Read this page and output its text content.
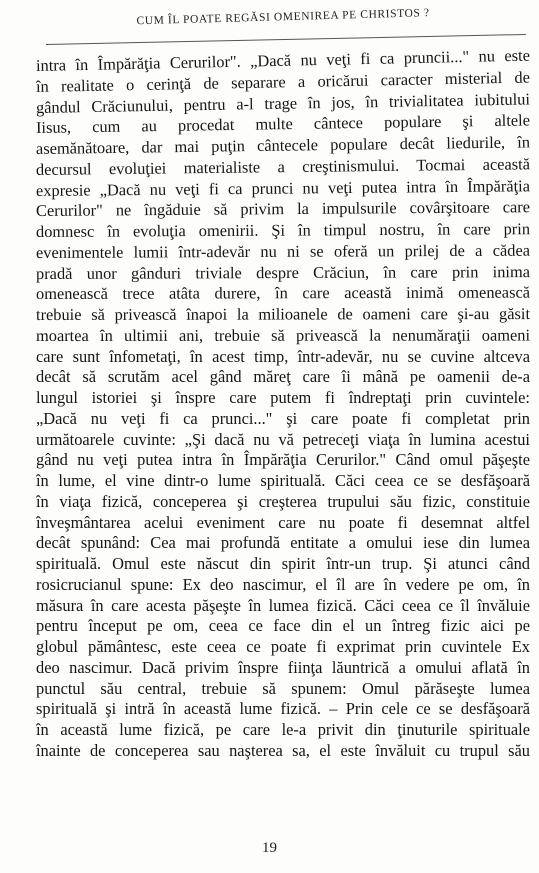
CUM ÎL POATE REGĂSI OMENIREA PE CHRISTOS ?
intra în Împărăţia Cerurilor". „Dacă nu veţi fi ca pruncii..." nu este
în realitate o cerinţă de separare a oricărui caracter misterial de
gândul Crăciunului, pentru a-l trage în jos, în trivialitatea iubitului
Iisus, cum au procedat multe cântece populare şi altele
asemănătoare, dar mai puţin cântecele populare decât liedurile, în
decursul evoluţiei materialiste a creştinismului. Tocmai această
expresie „Dacă nu veţi fi ca prunci nu veţi putea intra în Împărăţia
Cerurilor" ne îngăduie să privim la impulsurile covârşitoare care
domnesc în evoluţia omenirii. Şi în timpul nostru, în care prin
evenimentele lumii într-adevăr nu ni se oferă un prilej de a cădea
pradă unor gânduri triviale despre Crăciun, în care prin inima
omenească trece atâta durere, în care această inimă omenească
trebuie să privească înapoi la milioanele de oameni care şi-au găsit
moartea în ultimii ani, trebuie să privească la nenumăraţii oameni
care sunt înfometaţi, în acest timp, într-adevăr, nu se cuvine altceva
decât să scrutăm acel gând măreţ care îi mână pe oamenii de-a
lungul istoriei şi înspre care putem fi îndreptaţi prin cuvintele:
„Dacă nu veţi fi ca prunci..." şi care poate fi completat prin
următoarele cuvinte: „Şi dacă nu vă petreceţi viaţa în lumina acestui
gând nu veţi putea intra în Împărăţia Cerurilor." Când omul păşeşte
în lume, el vine dintr-o lume spirituală. Căci ceea ce se desfăşoară
în viaţa fizică, conceperea şi creşterea trupului său fizic, constituie
înveşmântarea acelui eveniment care nu poate fi desemnat altfel
decât spunând: Cea mai profundă entitate a omului iese din lumea
spirituală. Omul este născut din spirit într-un trup. Şi atunci când
rosicrucianul spune: Ex deo nascimur, el îl are în vedere pe om, în
măsura în care acesta păşeşte în lumea fizică. Căci ceea ce îl învăluie
pentru început pe om, ceea ce face din el un întreg fizic aici pe
globul pământesc, este ceea ce poate fi exprimat prin cuvintele Ex
deo nascimur. Dacă privim înspre fiinţa lăuntrică a omului aflată în
punctul său central, trebuie să spunem: Omul părăseşte lumea
spirituală şi intră în această lume fizică. – Prin cele ce se desfăşoară
în această lume fizică, pe care le-a privit din ţinuturile spirituale
înainte de conceperea sau naşterea sa, el este învăluit cu trupul său
19
